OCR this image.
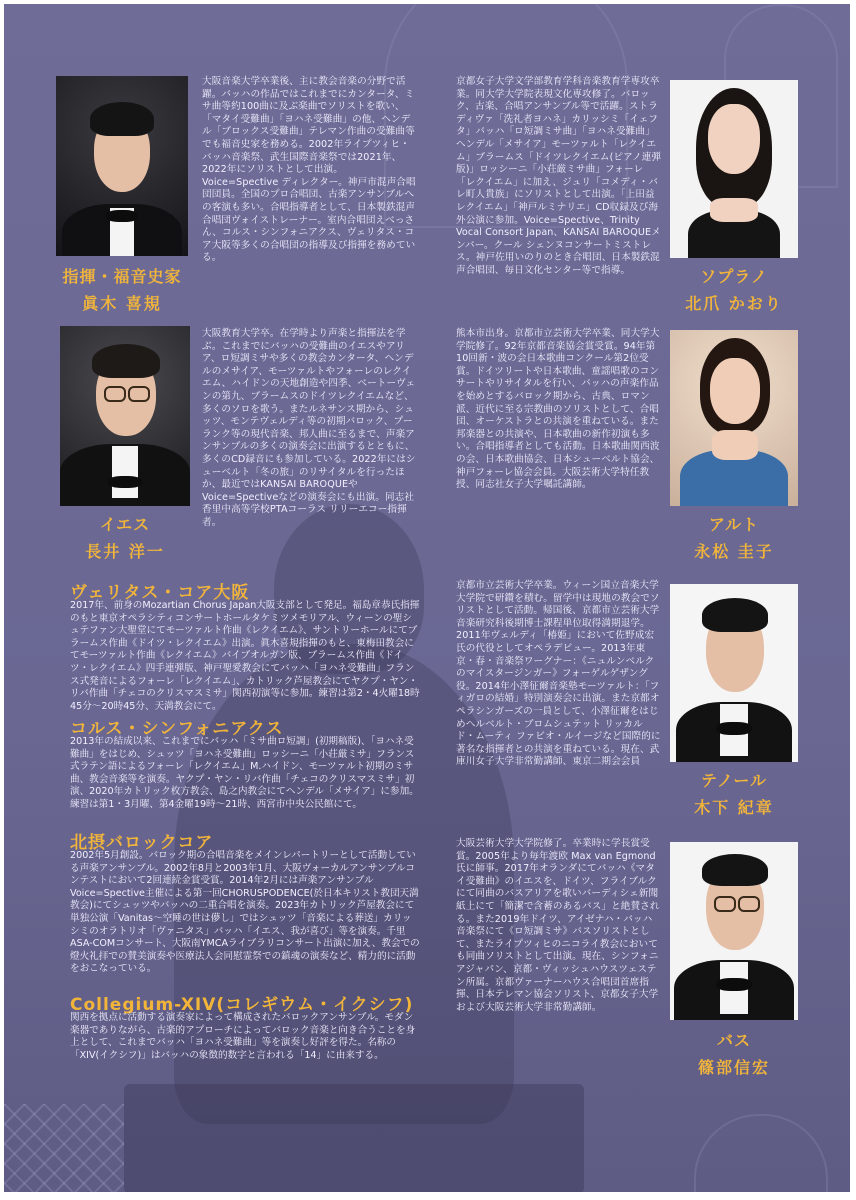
指揮・福音史家
眞木 喜規

大阪音楽大学卒業後、主に教会音楽の分野で活躍。バッハの作品ではこれまでにカンタータ、ミサ曲等約100曲に及ぶ楽曲でソリストを歌い、「マタイ受難曲」「ヨハネ受難曲」の他、ヘンデル「ブロックス受難曲」テレマン作曲の受難曲等でも福音史家を務める。2002年ライプツィヒ・バッハ音楽祭、武生国際音楽祭では2021年、2022年にソリストとして出演。Voice=Spective ディレクター。神戸市混声合唱団団員。全国のプロ合唱団、古楽アンサンブルへの客演も多い。合唱指導者として、日本製鉄混声合唱団ヴォイストレーナー。室内合唱団えべっさん、コルス・シンフォニアクス、ヴェリタス・コア大阪等多くの合唱団の指導及び指揮を務めている。

京都女子大学文学部教育学科音楽教育学専攻卒業。同大学大学院表現文化専攻修了。バロック、古楽、合唱アンサンブル等で活躍。ストラディヴァ「洗礼者ヨハネ」カリッシミ「イェフタ」バッハ「ロ短調ミサ曲」「ヨハネ受難曲」ヘンデル「メサイア」モーツァルト「レクイエム」ブラームス「ドイツレクイエム(ピアノ連弾版)」ロッシーニ「小荘厳ミサ曲」フォーレ「レクイエム」に加え、ジュリ「コメディ・バレ町人貴族」にソリストとして出演。「上田益レクイエム」「神戸ルミナリエ」CD収録及び海外公演に参加。Voice=Spective、Trinity Vocal Consort Japan、KANSAI BAROQUEメンバー。クール シェンヌコンサートミストレス。神戸佐用いのりのとき合唱団、日本製鉄混声合唱団、毎日文化センター等で指導。	ソプラノ
北爪 かおり
イエス
長井 洋一

大阪教育大学卒。在学時より声楽と指揮法を学ぶ。これまでにバッハの受難曲のイエスやアリア、ロ短調ミサや多くの教会カンタータ、ヘンデルのメサイア、モーツァルトやフォーレのレクイエム、ハイドンの天地創造や四季、ベートーヴェンの第九、ブラームスのドイツレクイエムなど、多くのソロを歌う。またルネサンス期から、シュッツ、モンテヴェルディ等の初期バロック、プーランク等の現代音楽、邦人曲に至るまで、声楽アンサンブルの多くの演奏会に出演するとともに、多くのCD録音にも参加している。2022年にはシューベルト「冬の旅」のリサイタルを行ったほか、最近ではKANSAI BAROQUEやVoice=Spectiveなどの演奏会にも出演。同志社香里中高等学校PTAコーラス リリーエコー指揮者。

熊本市出身。京都市立芸術大学卒業、同大学大学院修了。92年京都音楽協会賞受賞。94年第10回新・波の会日本歌曲コンクール第2位受賞。ドイツリートや日本歌曲、童謡唱歌のコンサートやリサイタルを行い、バッハの声楽作品を始めとするバロック期から、古典、ロマン派、近代に至る宗教曲のソリストとして、合唱団、オーケストラとの共演を重ねている。また邦楽器との共演や、日本歌曲の新作初演も多い。合唱指導者としても活動。日本歌曲関西波の会、日本歌曲協会、日本シューベルト協会、神戸フォーレ協会会員。大阪芸術大学特任教授、同志社女子大学嘱託講師。

アルト
永松 圭子
ヴェリタス・コア大阪
2017年、前身のMozartian Chorus Japan大阪支部として発足。福島章恭氏指揮のもと東京オペラシティコンサートホールタケミツメモリアル、ウィーンの聖シュテファン大聖堂にてモーツァルト作曲《レクイエム》、サントリーホールにてブラームス作曲《ドイツ・レクイエム》出演。眞木喜規指揮のもと、東梅田教会にてモーツァルト作曲《レクイエム》バイブオルガン版、ブラームス作曲《ドイツ・レクイエム》四手連弾版、神戸聖愛教会にてバッハ「ヨハネ受難曲」フランス式発音によるフォーレ「レクイエム」、カトリック芦屋教会にてヤクプ・ヤン・リバ作曲「チェコのクリスマスミサ」関西初演等に参加。練習は第2・4火曜18時45分〜20時45分、天満教会にて。
コルス・シンフォニアクス
2013年の結成以来、これまでにバッハ「ミサ曲ロ短調」(初期稿版)、「ヨハネ受難曲」をはじめ、シュッツ「ヨハネ受難曲」ロッシーニ「小荘厳ミサ」フランス式ラテン語によるフォーレ「レクイエム」M.ハイドン、モーツァルト初期のミサ曲、教会音楽等を演奏。ヤクプ・ヤン・リバ作曲「チェコのクリスマスミサ」初演、2020年カトリック枚方教会、島之内教会にてヘンデル「メサイア」に参加。練習は第1・3月曜、第4金曜19時〜21時、西宮市中央公民館にて。
北摂バロックコア
2002年5月創設。バロック期の合唱音楽をメインレパートリーとして活動している声楽アンサンブル。2002年8月と2003年1月、大阪ヴォーカルアンサンブルコンテストにおいて2回連続金賞受賞。2014年2月には声楽アンサンブルVoice=Spective主催による第一回CHORUSPODENCE(於日本キリスト教団天満教会)にてシュッツやバッハの二重合唱を演奏。2023年カトリック芦屋教会にて単独公演「Vanitas〜空睡の世は儚し」ではシュッツ「音楽による葬送」カリッシミのオラトリオ「ヴァニタス」バッハ「イエス、我が喜び」等を演奏。千里ASA-COMコンサート、大阪南YMCAライブラリコンサート出演に加え、教会での燈火礼拝での賛美演奏や医療法人会同慰霊祭での鎮魂の演奏など、精力的に活動をおこなっている。
Collegium-XIV(コレギウム・イクシフ)
関西を拠点に活動する演奏家によって構成されたバロックアンサンブル。モダン楽器でありながら、古楽的アプローチによってバロック音楽と向き合うことを身上として、これまでバッハ「ヨハネ受難曲」等を演奏し好評を得た。名称の「XIV(イクシフ)」はバッハの象徴的数字と言われる「14」に由来する。

京都市立芸術大学卒業。ウィーン国立音楽大学大学院で研鑽を積む。留学中は現地の教会でソリストとして活動。帰国後、京都市立芸術大学音楽研究科後期博士課程単位取得満期退学。2011年ヴェルディ「椿姫」において佐野成宏氏の代役としてオペラデビュー。2013年東京・春・音楽祭ワーグナー：《ニュルンベルクのマイスタージンガー》フォーゲルゲザング役。2014年小澤征爾音楽塾モーツァルト：「フィガロの結婚」特別演奏会に出演。また京都オペラシンガーズの一員として、小澤征爾をはじめヘルベルト・ブロムシュテット リッカルド・ムーティ ファビオ・ルイージなど国際的に著名な指揮者との共演を重ねている。現在、武庫川女子大学非常勤講師、東京二期会会員

テノール
木下 紀章

大阪芸術大学大学院修了。卒業時に学長賞受賞。2005年より毎年渡欧 Max van Egmond 氏に師事。2017年オランダにてバッハ《マタイ受難曲》のイエスを、ドイツ、フライブルクにて同曲のバスアリアを歌いバーディシェ新聞紙上にて「簡潔で含蓄のあるバス」と絶賛される。また2019年ドイツ、アイゼナハ・バッハ音楽祭にて《ロ短調ミサ》バスソリストとして、またライプツィヒのニコライ教会においても同曲ソリストとして出演。現在、シンフォニアジャパン、京都・ヴィッシュハウスツェステン所属。京都ヴァーナーハウス合唱団首席指揮、日本テレマン協会ソリスト、京都女子大学および大阪芸術大学非常勤講師。

バス
篠部信宏
